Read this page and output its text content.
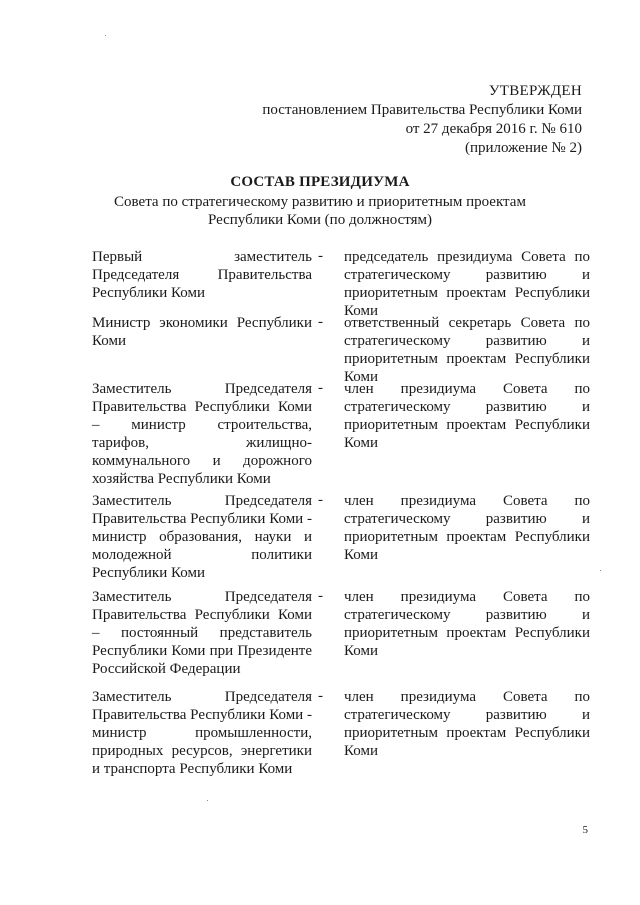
УТВЕРЖДЕН
постановлением Правительства Республики Коми
от 27 декабря 2016 г. № 610
(приложение № 2)
СОСТАВ ПРЕЗИДИУМА
Совета по стратегическому развитию и приоритетным проектам
Республики Коми (по должностям)
Первый заместитель Председателя Правительства Республики Коми
- председатель президиума Совета по стратегическому развитию и приоритетным проектам Республики Коми
Министр экономики Республики Коми
- ответственный секретарь Совета по стратегическому развитию и приоритетным проектам Республики Коми
Заместитель Председателя Правительства Республики Коми – министр строительства, тарифов, жилищно-коммунального и дорожного хозяйства Республики Коми
- член президиума Совета по стратегическому развитию и приоритетным проектам Республики Коми
Заместитель Председателя Правительства Республики Коми - министр образования, науки и молодежной политики Республики Коми
- член президиума Совета по стратегическому развитию и приоритетным проектам Республики Коми
Заместитель Председателя Правительства Республики Коми – постоянный представитель Республики Коми при Президенте Российской Федерации
- член президиума Совета по стратегическому развитию и приоритетным проектам Республики Коми
Заместитель Председателя Правительства Республики Коми - министр промышленности, природных ресурсов, энергетики и транспорта Республики Коми
- член президиума Совета по стратегическому развитию и приоритетным проектам Республики Коми
5
